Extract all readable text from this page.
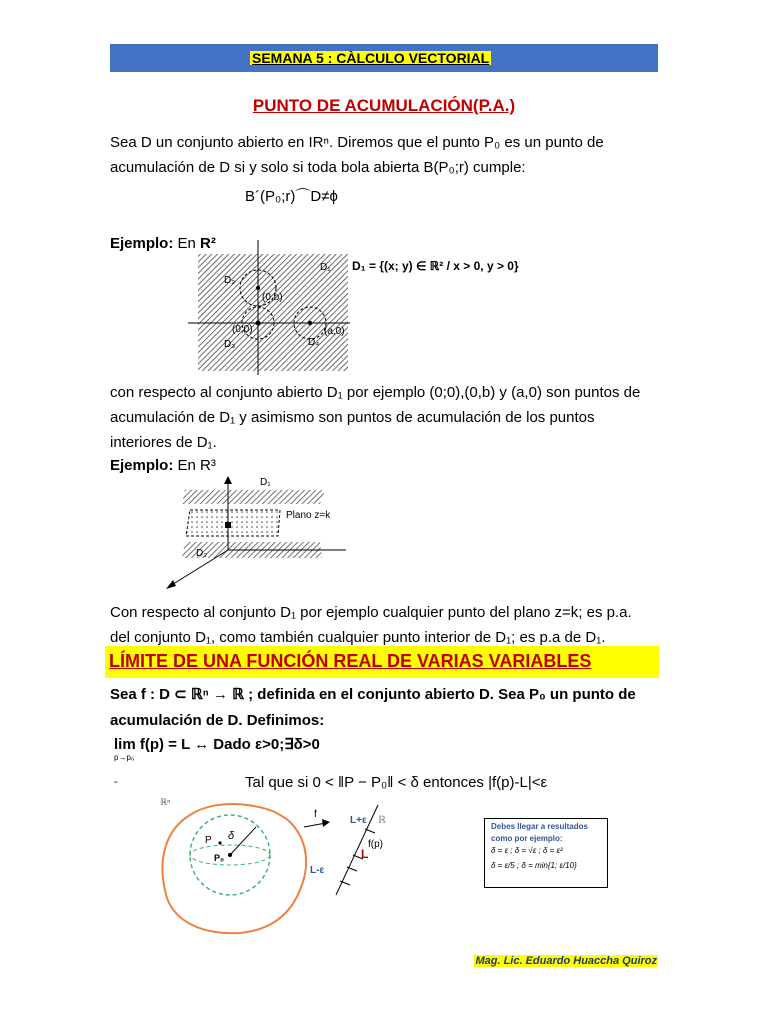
SEMANA 5 : CÀLCULO VECTORIAL
PUNTO DE ACUMULACIÓN(P.A.)
Sea D un conjunto abierto en IRⁿ. Diremos que el punto P₀ es un punto de
acumulación de D si y solo si toda bola abierta B(P₀;r) cumple:
B´(P₀;r)⌒D≠ϕ
Ejemplo: En R²
D₂
D₁
(0,b)
(0;0)	(a,0)
D₃	D₄
D₁ = {(x; y) ∈ ℝ² / x > 0, y > 0}
con respecto al conjunto abierto D₁ por ejemplo (0;0),(0,b) y (a,0) son puntos de
acumulación de D₁ y asimismo son puntos de acumulación de los puntos
interiores de D₁.
Ejemplo: En R³
D₁
Plano z=k
D₂
Con respecto al conjunto D₁ por ejemplo cualquier punto del plano z=k; es p.a.
del conjunto D₁, como también cualquier punto interior de D₁; es p.a de D₁.
LÍMITE DE UNA FUNCIÓN REAL DE VARIAS VARIABLES
Sea f : D ⊂ ℝⁿ → ℝ ; definida en el conjunto abierto D. Sea P₀ un punto de
acumulación de D. Definimos:
lim f(p) = L ↔ Dado ε>0;∃δ>0
p→p₀
-	Tal que si 0 < ‖P − P₀‖ < δ entonces |f(p)-L|<ε
ℝⁿ
P δ
P₀
f
L+ε ℝ
f(p)
L
L-ε
Debes llegar a resultados
como por ejemplo:
δ = ε ; δ = √ε ; δ = ε²
δ = ε/5 ; δ = min{1; ε/10}
Mag. Lic. Eduardo Huaccha Quiroz
